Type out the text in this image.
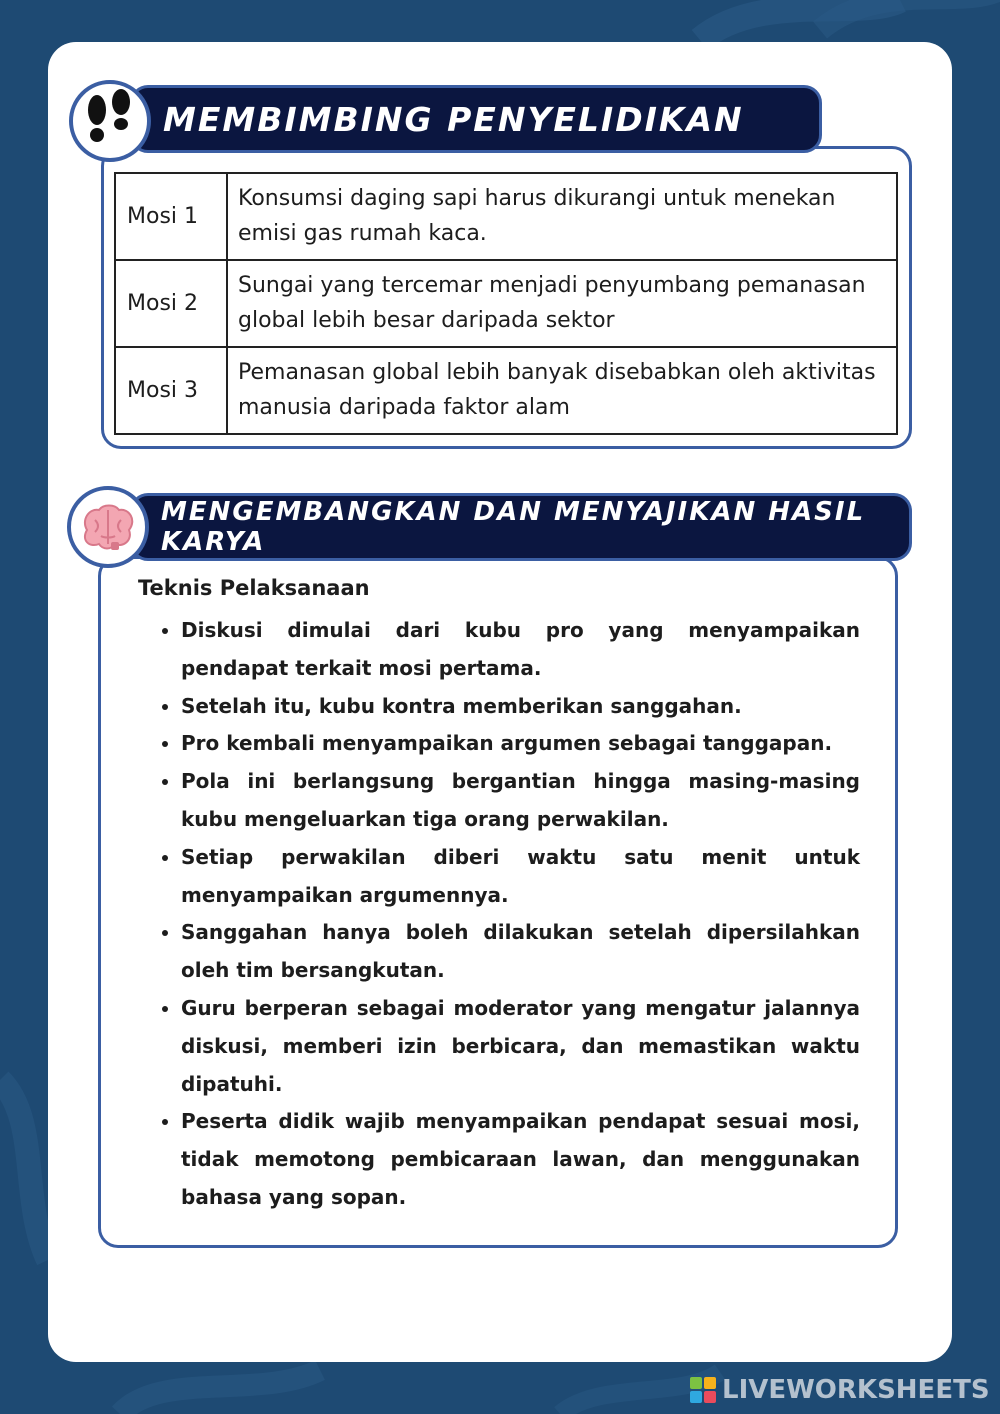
MEMBIMBING PENYELIDIKAN
Mosi 1	Konsumsi daging sapi harus dikurangi untuk menekan emisi gas rumah kaca.
Mosi 2	Sungai yang tercemar menjadi penyumbang pemanasan global lebih besar daripada sektor
Mosi 3	Pemanasan global lebih banyak disebabkan oleh aktivitas manusia daripada faktor alam
MENGEMBANGKAN DAN MENYAJIKAN HASIL KARYA
Teknis Pelaksanaan
• Diskusi dimulai dari kubu pro yang menyampaikan pendapat terkait mosi pertama.
• Setelah itu, kubu kontra memberikan sanggahan.
• Pro kembali menyampaikan argumen sebagai tanggapan.
• Pola ini berlangsung bergantian hingga masing-masing kubu mengeluarkan tiga orang perwakilan.
• Setiap perwakilan diberi waktu satu menit untuk menyampaikan argumennya.
• Sanggahan hanya boleh dilakukan setelah dipersilahkan oleh tim bersangkutan.
• Guru berperan sebagai moderator yang mengatur jalannya diskusi, memberi izin berbicara, dan memastikan waktu dipatuhi.
• Peserta didik wajib menyampaikan pendapat sesuai mosi, tidak memotong pembicaraan lawan, dan menggunakan bahasa yang sopan.
LIVEWORKSHEETS
